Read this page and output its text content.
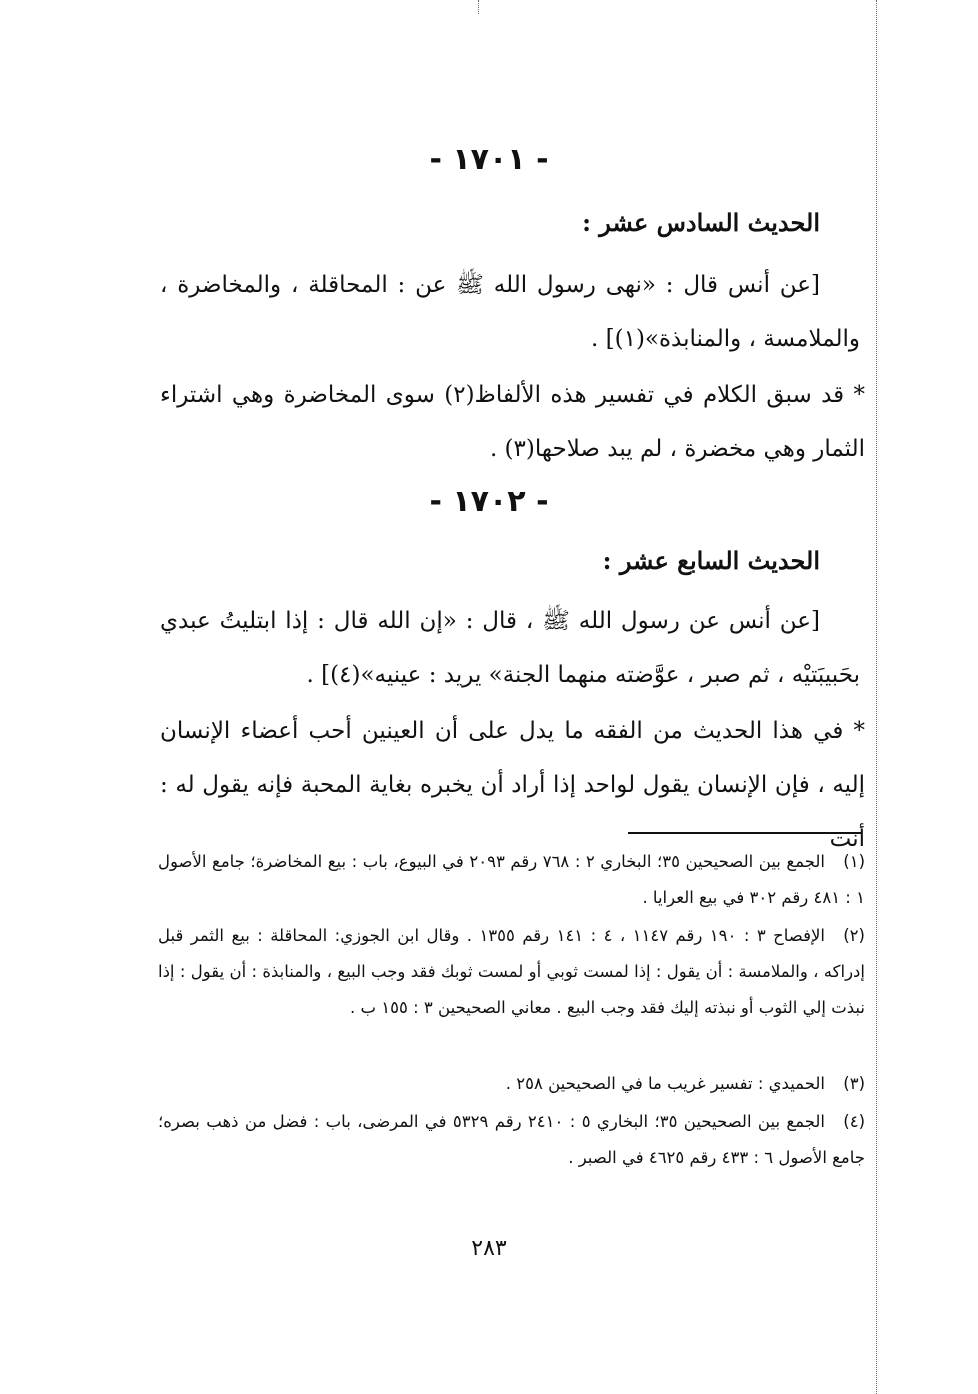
- ١٧٠١ -
الحديث السادس عشر :
[عن أنس قال : «نهى رسول الله ﷺ عن : المحاقلة ، والمخاضرة ، والملامسة ، والمنابذة»(١)] .
* قد سبق الكلام في تفسير هذه الألفاظ(٢) سوى المخاضرة وهي اشتراء الثمار وهي مخضرة ، لم يبد صلاحها(٣) .
- ١٧٠٢ -
الحديث السابع عشر :
[عن أنس عن رسول الله ﷺ ، قال : «إن الله قال : إذا ابتليتُ عبدي بحَبيبَتيْه ، ثم صبر ، عوَّضته منهما الجنة» يريد : عينيه»(٤)] .
* في هذا الحديث من الفقه ما يدل على أن العينين أحب أعضاء الإنسان إليه ، فإن الإنسان يقول لواحد إذا أراد أن يخبره بغاية المحبة فإنه يقول له : أنت
(١)الجمع بين الصحيحين ٣٥؛ البخاري ٢ : ٧٦٨ رقم ٢٠٩٣ في البيوع، باب : بيع المخاضرة؛ جامع الأصول ١ : ٤٨١ رقم ٣٠٢ في بيع العرايا .
(٢)الإفصاح ٣ : ١٩٠ رقم ١١٤٧ ، ٤ : ١٤١ رقم ١٣٥٥ . وقال ابن الجوزي: المحاقلة : بيع الثمر قبل إدراكه ، والملامسة : أن يقول : إذا لمست ثوبي أو لمست ثوبك فقد وجب البيع ، والمنابذة : أن يقول : إذا نبذت إلي الثوب أو نبذته إليك فقد وجب البيع . معاني الصحيحين ٣ : ١٥٥ ب .
(٣)الحميدي : تفسير غريب ما في الصحيحين ٢٥٨ .
(٤)الجمع بين الصحيحين ٣٥؛ البخاري ٥ : ٢٤١٠ رقم ٥٣٢٩ في المرضى، باب : فضل من ذهب بصره؛ جامع الأصول ٦ : ٤٣٣ رقم ٤٦٢٥ في الصبر .
٢٨٣
